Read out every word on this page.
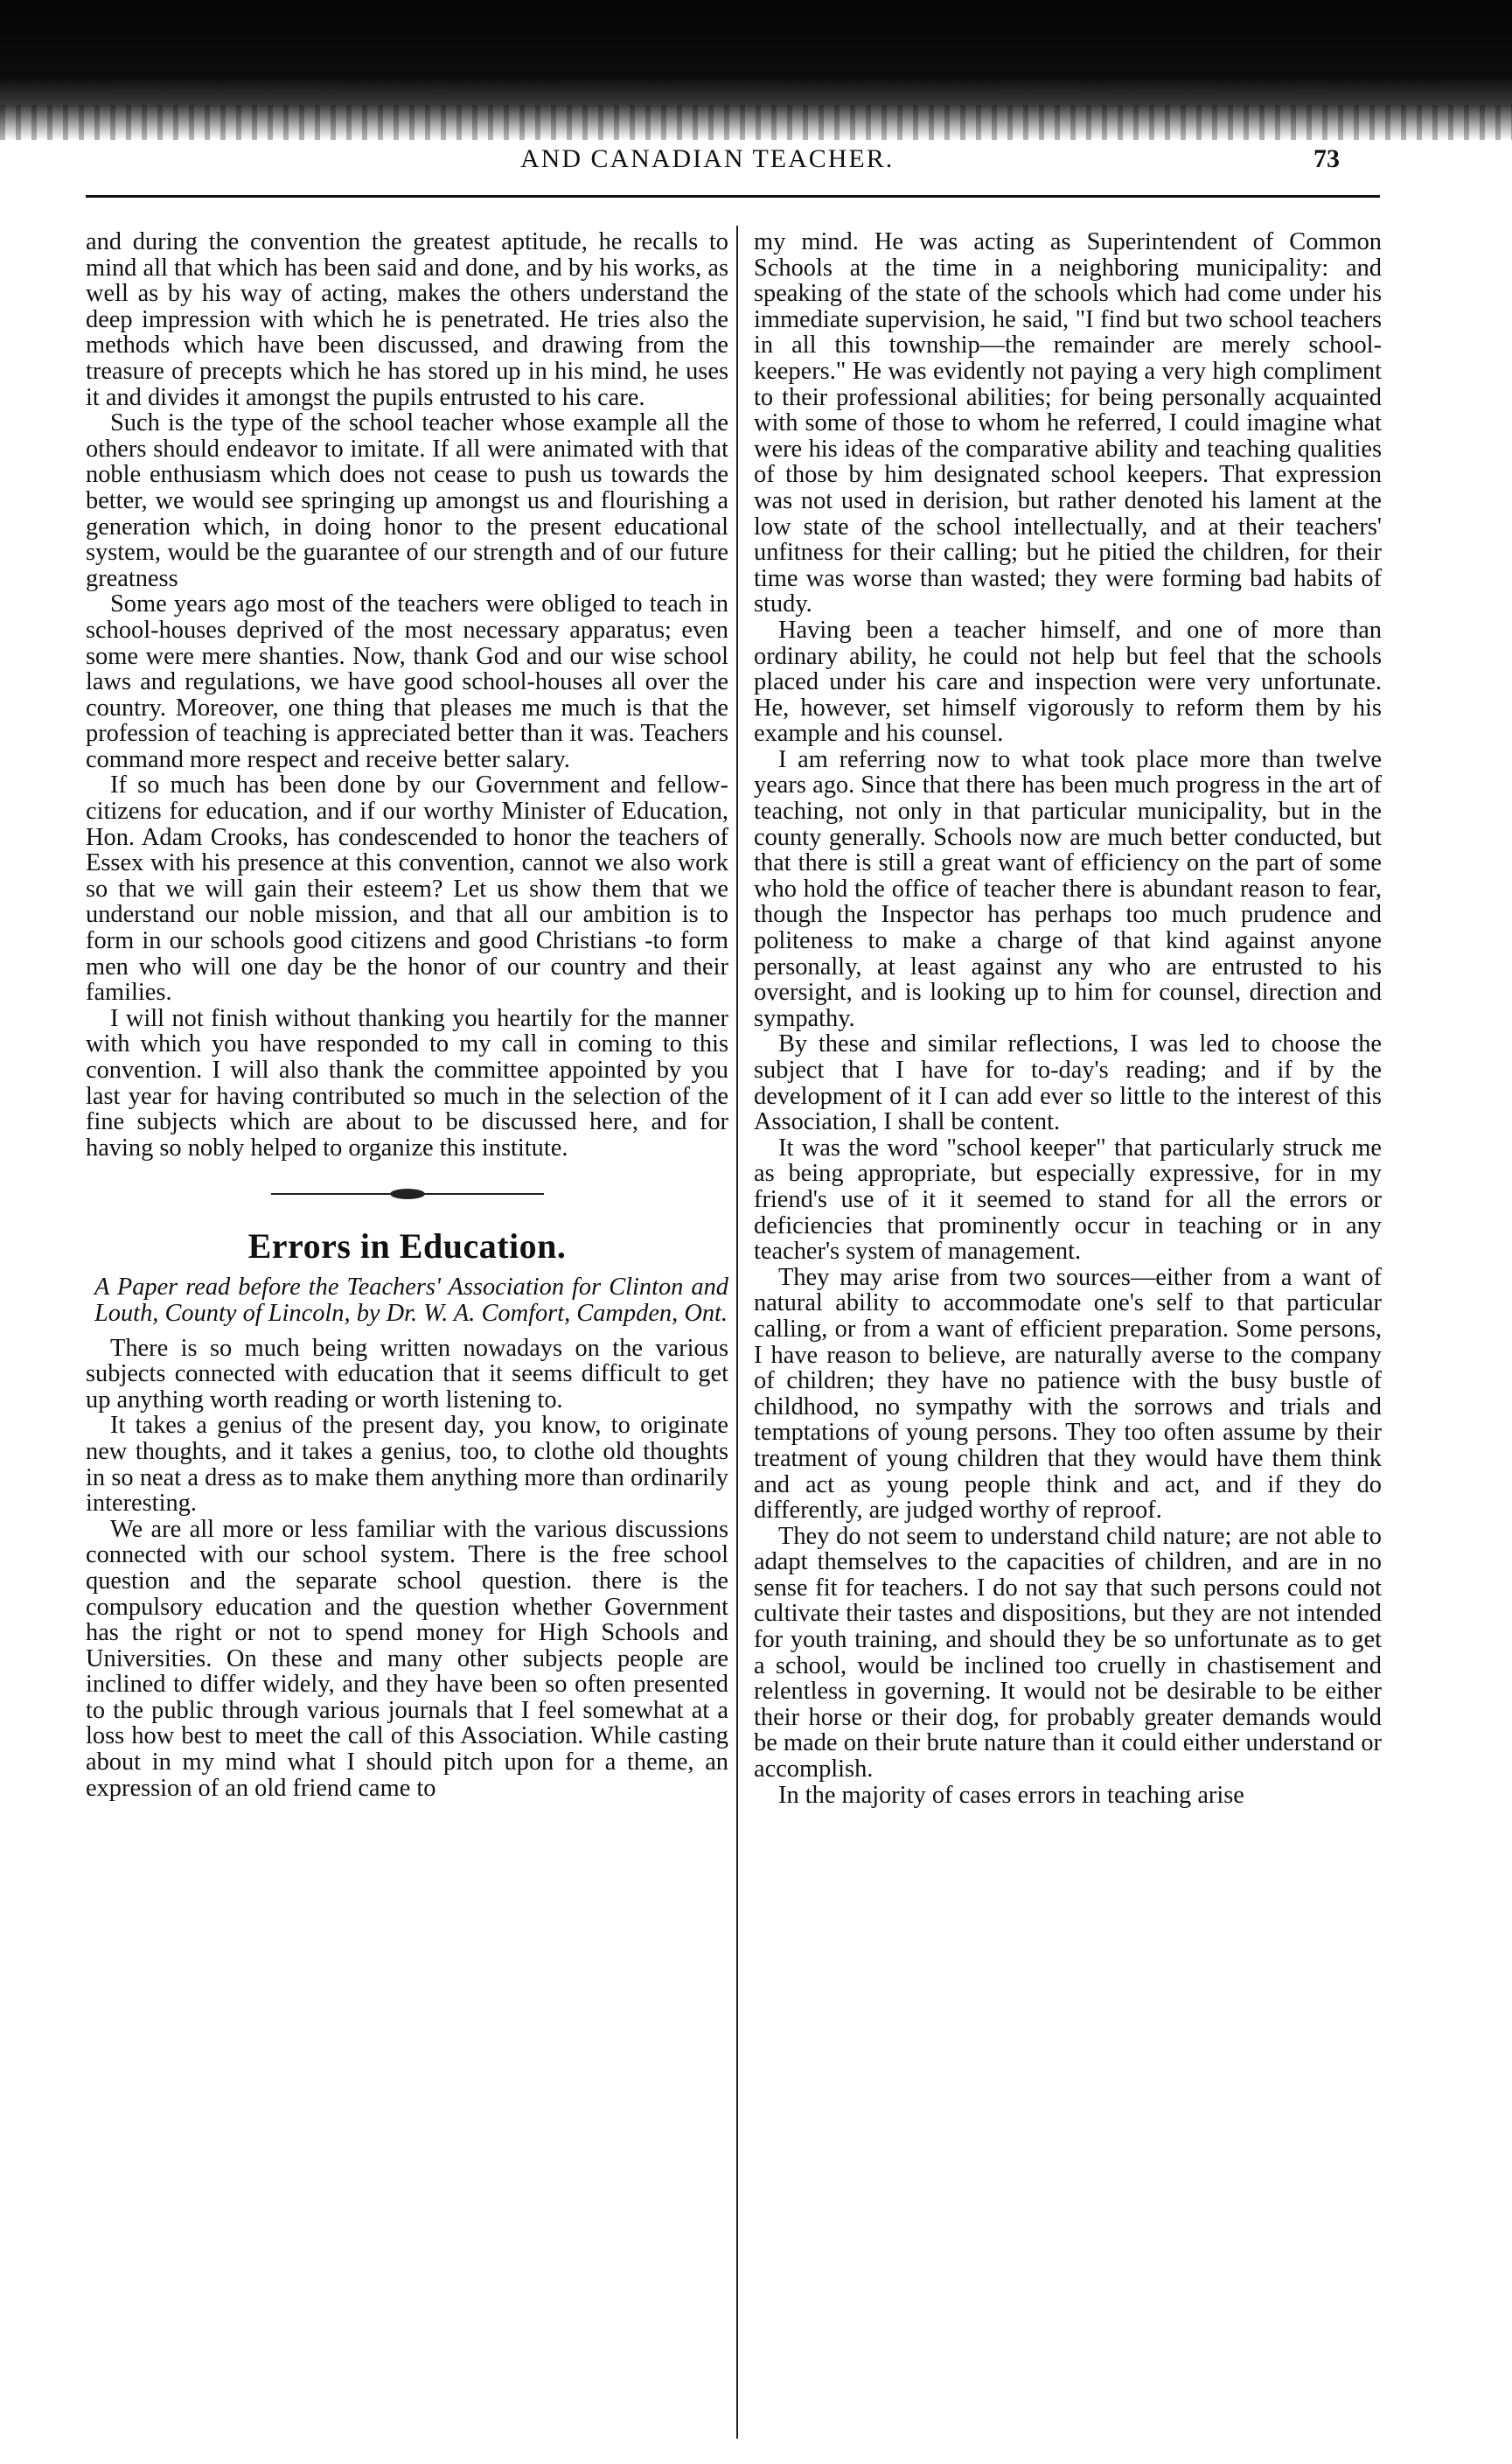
AND CANADIAN TEACHER.	73

and during the convention the greatest aptitude, he recalls to mind all that which has been said and done, and by his works, as well as by his way of acting, makes the others understand the deep impression with which he is penetrated. He tries also the methods which have been discussed, and drawing from the treasure of precepts which he has stored up in his mind, he uses it and divides it amongst the pupils entrusted to his care.

Such is the type of the school teacher whose example all the others should endeavor to imitate. If all were animated with that noble enthusiasm which does not cease to push us towards the better, we would see springing up amongst us and flourishing a generation which, in doing honor to the present educational system, would be the guarantee of our strength and of our future greatness

Some years ago most of the teachers were obliged to teach in school-houses deprived of the most necessary apparatus; even some were mere shanties. Now, thank God and our wise school laws and regulations, we have good school-houses all over the country. Moreover, one thing that pleases me much is that the profession of teaching is appreciated better than it was. Teachers command more respect and receive better salary.

If so much has been done by our Government and fellow-citizens for education, and if our worthy Minister of Education, Hon. Adam Crooks, has condescended to honor the teachers of Essex with his presence at this convention, cannot we also work so that we will gain their esteem? Let us show them that we understand our noble mission, and that all our ambition is to form in our schools good citizens and good Christians -to form men who will one day be the honor of our country and their families.

I will not finish without thanking you heartily for the manner with which you have responded to my call in coming to this convention. I will also thank the committee appointed by you last year for having contributed so much in the selection of the fine subjects which are about to be discussed here, and for having so nobly helped to organize this institute.

Errors in Education.
A Paper read before the Teachers' Association for Clinton and Louth, County of Lincoln, by Dr. W. A. Comfort, Campden, Ont.

There is so much being written nowadays on the various subjects connected with education that it seems difficult to get up anything worth reading or worth listening to.

It takes a genius of the present day, you know, to originate new thoughts, and it takes a genius, too, to clothe old thoughts in so neat a dress as to make them anything more than ordinarily interesting.

We are all more or less familiar with the various discussions connected with our school system. There is the free school question and the separate school question. there is the compulsory education and the question whether Government has the right or not to spend money for High Schools and Universities. On these and many other subjects people are inclined to differ widely, and they have been so often presented to the public through various journals that I feel somewhat at a loss how best to meet the call of this Association. While casting about in my mind what I should pitch upon for a theme, an expression of an old friend came to

my mind. He was acting as Superintendent of Common Schools at the time in a neighboring municipality: and speaking of the state of the schools which had come under his immediate supervision, he said, "I find but two school teachers in all this township—the remainder are merely school-keepers." He was evidently not paying a very high compliment to their professional abilities; for being personally acquainted with some of those to whom he referred, I could imagine what were his ideas of the comparative ability and teaching qualities of those by him designated school keepers. That expression was not used in derision, but rather denoted his lament at the low state of the school intellectually, and at their teachers' unfitness for their calling; but he pitied the children, for their time was worse than wasted; they were forming bad habits of study.

Having been a teacher himself, and one of more than ordinary ability, he could not help but feel that the schools placed under his care and inspection were very unfortunate. He, however, set himself vigorously to reform them by his example and his counsel.

I am referring now to what took place more than twelve years ago. Since that there has been much progress in the art of teaching, not only in that particular municipality, but in the county generally. Schools now are much better conducted, but that there is still a great want of efficiency on the part of some who hold the office of teacher there is abundant reason to fear, though the Inspector has perhaps too much prudence and politeness to make a charge of that kind against anyone personally, at least against any who are entrusted to his oversight, and is looking up to him for counsel, direction and sympathy.

By these and similar reflections, I was led to choose the subject that I have for to-day's reading; and if by the development of it I can add ever so little to the interest of this Association, I shall be content.

It was the word "school keeper" that particularly struck me as being appropriate, but especially expressive, for in my friend's use of it it seemed to stand for all the errors or deficiencies that prominently occur in teaching or in any teacher's system of management.

They may arise from two sources—either from a want of natural ability to accommodate one's self to that particular calling, or from a want of efficient preparation. Some persons, I have reason to believe, are naturally averse to the company of children; they have no patience with the busy bustle of childhood, no sympathy with the sorrows and trials and temptations of young persons. They too often assume by their treatment of young children that they would have them think and act as young people think and act, and if they do differently, are judged worthy of reproof.

They do not seem to understand child nature; are not able to adapt themselves to the capacities of children, and are in no sense fit for teachers. I do not say that such persons could not cultivate their tastes and dispositions, but they are not intended for youth training, and should they be so unfortunate as to get a school, would be inclined too cruelly in chastisement and relentless in governing. It would not be desirable to be either their horse or their dog, for probably greater demands would be made on their brute nature than it could either understand or accomplish.

In the majority of cases errors in teaching arise
